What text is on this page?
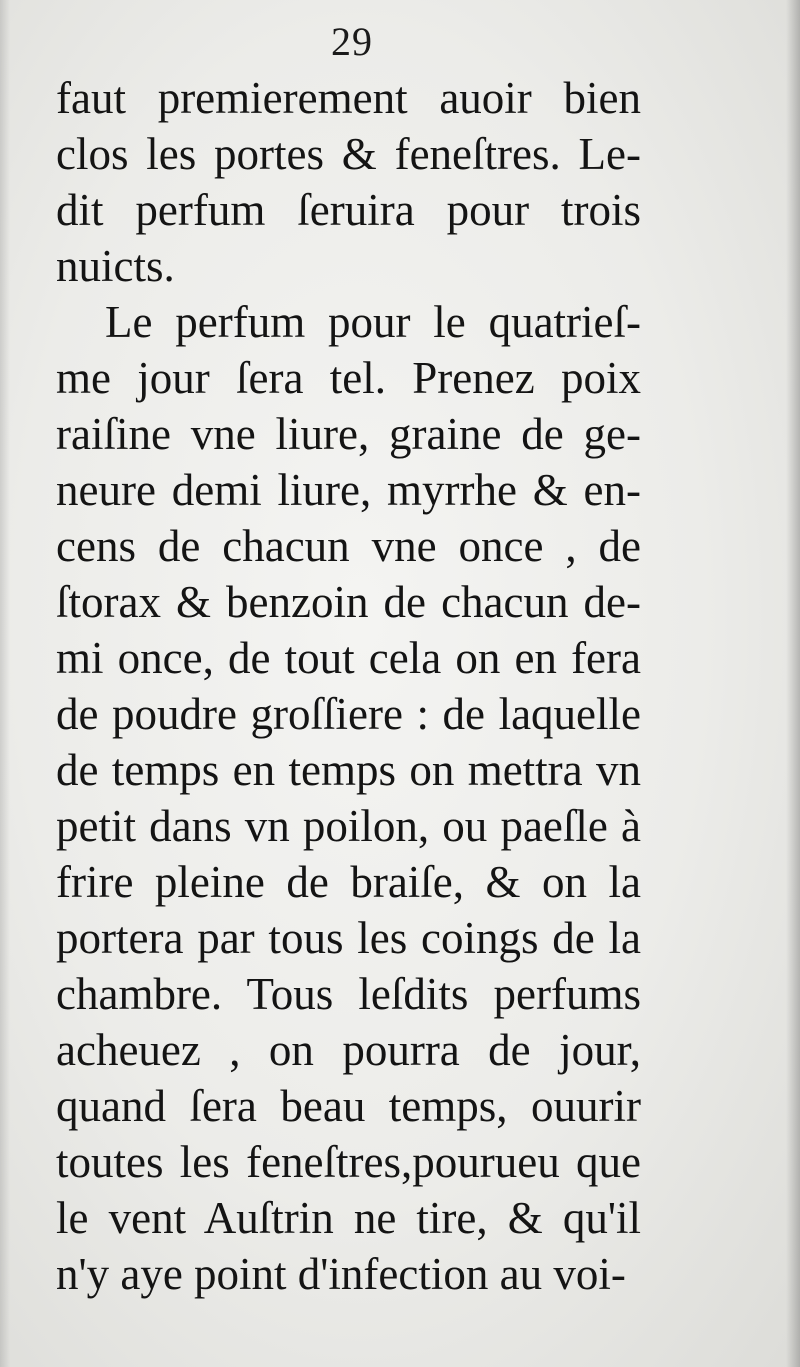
29
faut premierement auoir bien
clos les portes & feneſtres. Le-
dit perfum ſeruira pour trois
nuicts.
Le perfum pour le quatrieſ-
me jour ſera tel. Prenez poix
raiſine vne liure, graine de ge-
neure demi liure, myrrhe & en-
cens de chacun vne once , de
ſtorax & benzoin de chacun de-
mi once, de tout cela on en fera
de poudre groſſiere : de laquelle
de temps en temps on mettra vn
petit dans vn poilon, ou paeſle à
frire pleine de braiſe, & on la
portera par tous les coings de la
chambre. Tous leſdits perfums
acheuez , on pourra de jour,
quand ſera beau temps, ouurir
toutes les feneſtres,pourueu que
le vent Auſtrin ne tire, & qu'il
n'y aye point d'infection au voi-
